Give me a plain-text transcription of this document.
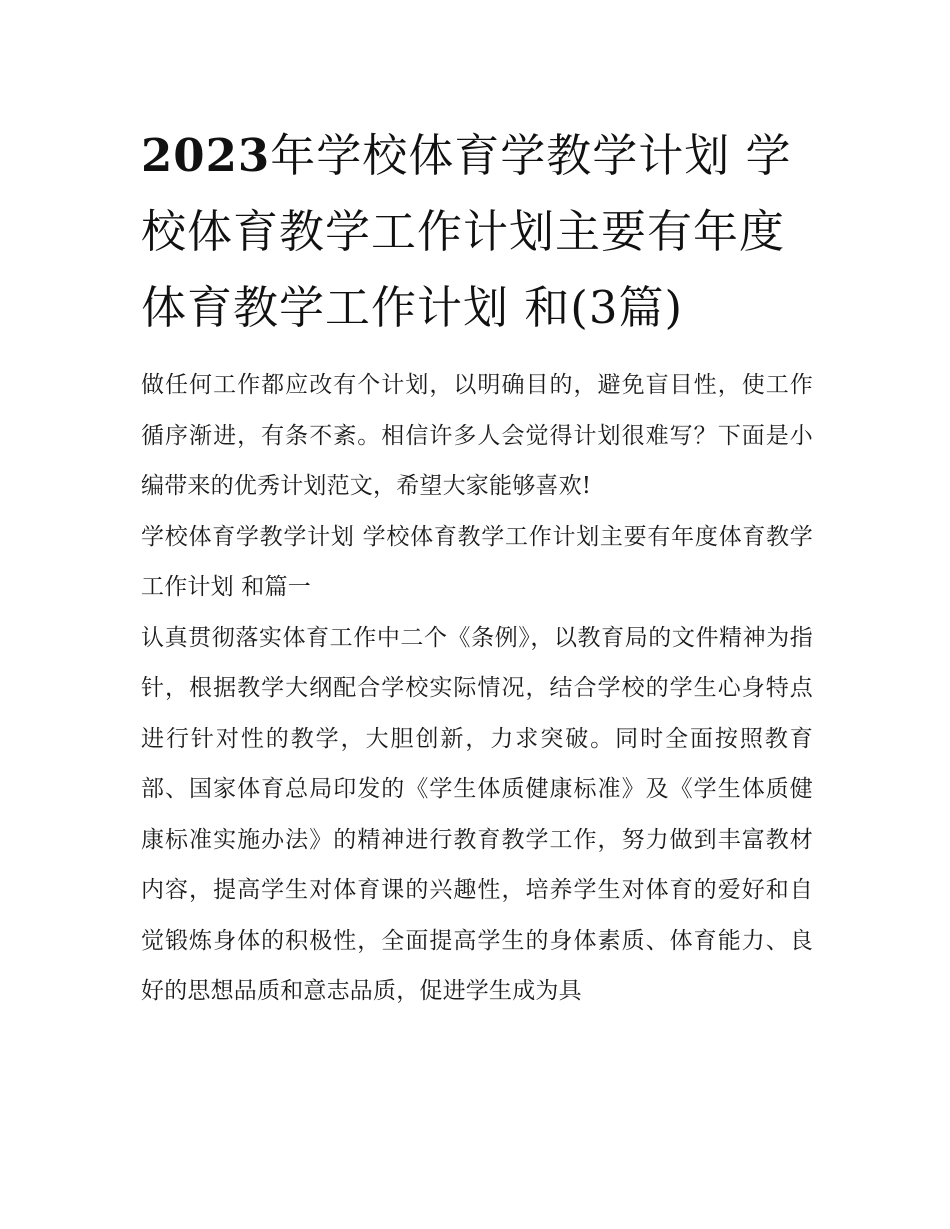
2023年学校体育学教学计划 学校体育教学工作计划主要有年度体育教学工作计划 和(3篇)

做任何工作都应改有个计划，以明确目的，避免盲目性，使工作循序渐进，有条不紊。相信许多人会觉得计划很难写？下面是小编带来的优秀计划范文，希望大家能够喜欢!

学校体育学教学计划 学校体育教学工作计划主要有年度体育教学工作计划 和篇一

认真贯彻落实体育工作中二个《条例》，以教育局的文件精神为指针，根据教学大纲配合学校实际情况，结合学校的学生心身特点进行针对性的教学，大胆创新，力求突破。同时全面按照教育部、国家体育总局印发的《学生体质健康标准》及《学生体质健康标准实施办法》的精神进行教育教学工作，努力做到丰富教材内容，提高学生对体育课的兴趣性，培养学生对体育的爱好和自觉锻炼身体的积极性，全面提高学生的身体素质、体育能力、良好的思想品质和意志品质，促进学生成为具
